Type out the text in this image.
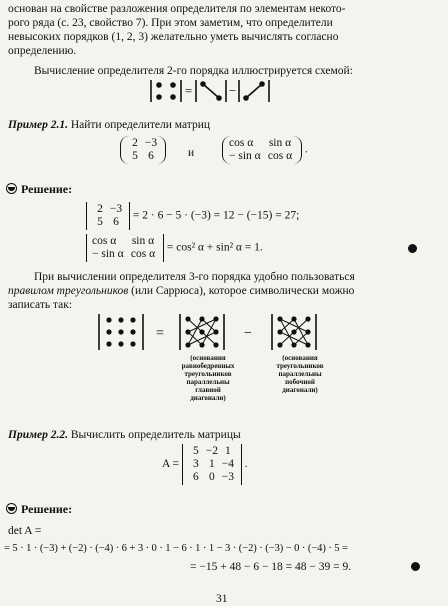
основан на свойстве разложения определителя по элементам некото-
рого ряда (с. 23, свойство 7). При этом заметим, что определители
невысоких порядков (1, 2, 3) желательно уметь вычислять согласно
определению.
Вычисление определителя 2-го порядка иллюстрируется схемой:
=	−
Пример 2.1. Найти определители матриц
2 −3
5 6	и
cos α sin α
− sin α cos α
.
Решение:
2 −3
5 6
= 2 · 6 − 5 · (−3) = 12 − (−15) = 27;
cos α sin α
− sin α cos α
= cos² α + sin² α = 1.
При вычислении определителя 3-го порядка удобно пользоваться
правилом треугольников (или Саррюса), которое символически можно
записать так:
=	−
(основания
равнобедренных
треугольников
параллельны
главной
диагонали)
(основания
треугольников
параллельны
побочной
диагонали)
Пример 2.2. Вычислить определитель матрицы
A =
5 −2 1
3 1 −4
6 0 −3
.
Решение:
det A =
= 5 · 1 · (−3) + (−2) · (−4) · 6 + 3 · 0 · 1 − 6 · 1 · 1 − 3 · (−2) · (−3) − 0 · (−4) · 5 =
= −15 + 48 − 6 − 18 = 48 − 39 = 9.
31
